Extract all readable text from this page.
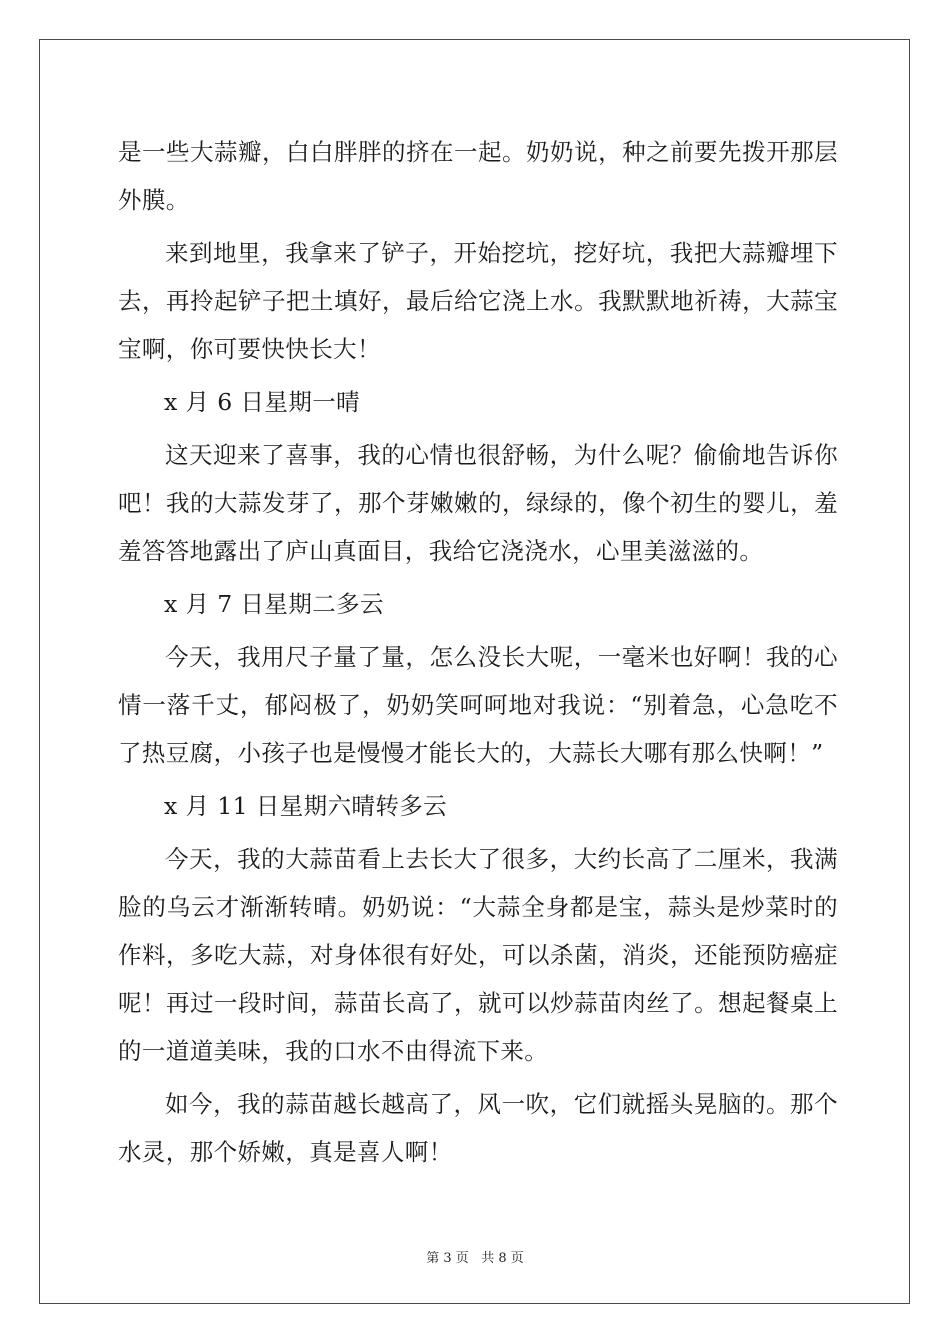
是一些大蒜瓣，白白胖胖的挤在一起。奶奶说，种之前要先拨开那层外膜。

来到地里，我拿来了铲子，开始挖坑，挖好坑，我把大蒜瓣埋下去，再拎起铲子把土填好，最后给它浇上水。我默默地祈祷，大蒜宝宝啊，你可要快快长大！

x 月 6 日星期一晴

这天迎来了喜事，我的心情也很舒畅，为什么呢？偷偷地告诉你吧！我的大蒜发芽了，那个芽嫩嫩的，绿绿的，像个初生的婴儿，羞羞答答地露出了庐山真面目，我给它浇浇水，心里美滋滋的。

x 月 7 日星期二多云

今天，我用尺子量了量，怎么没长大呢，一毫米也好啊！我的心情一落千丈，郁闷极了，奶奶笑呵呵地对我说：“别着急，心急吃不了热豆腐，小孩子也是慢慢才能长大的，大蒜长大哪有那么快啊！”

x 月 11 日星期六晴转多云

今天，我的大蒜苗看上去长大了很多，大约长高了二厘米，我满脸的乌云才渐渐转晴。奶奶说：“大蒜全身都是宝，蒜头是炒菜时的作料，多吃大蒜，对身体很有好处，可以杀菌，消炎，还能预防癌症呢！再过一段时间，蒜苗长高了，就可以炒蒜苗肉丝了。想起餐桌上的一道道美味，我的口水不由得流下来。

如今，我的蒜苗越长越高了，风一吹，它们就摇头晃脑的。那个水灵，那个娇嫩，真是喜人啊！

第 3 页 共 8 页
